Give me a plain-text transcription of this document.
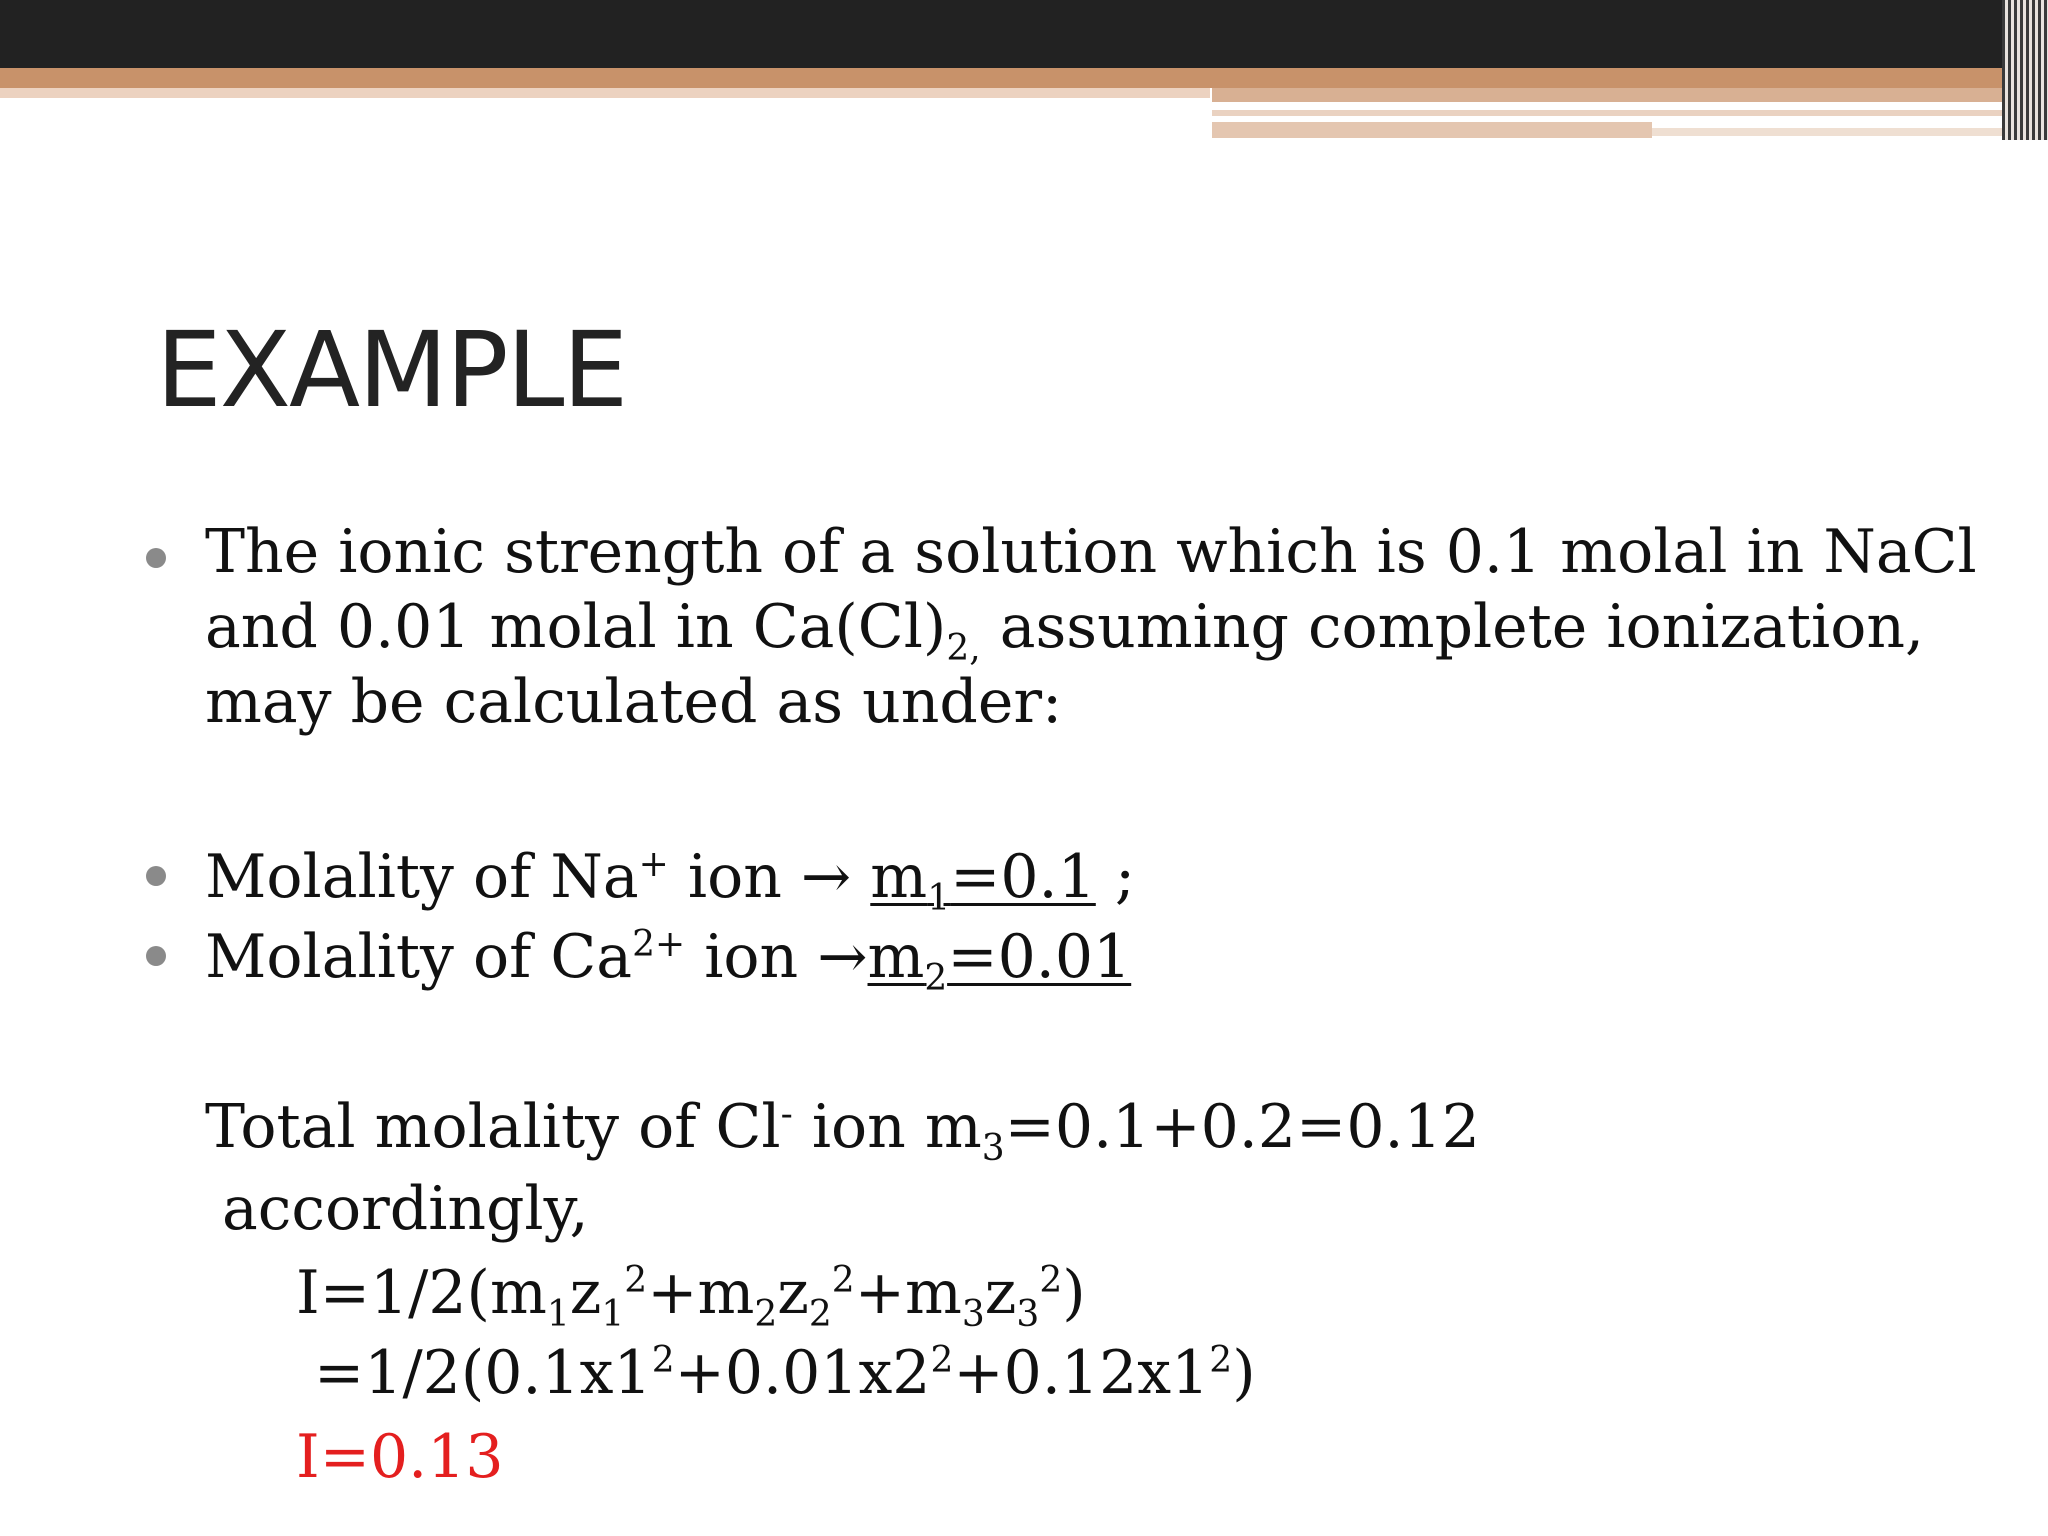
EXAMPLE
The ionic strength of a solution which is 0.1 molal in NaCl and 0.01 molal in $Ca(Cl)_{2,}$ assuming complete ionization, may be calculated as under:
Molality of Na+ ion → $m_1=0.1$ ;
Molality of $Ca^{2+}$ ion $\to m_2=0.01$
Total molality of Cl- ion $m_3=0.1+0.2=0.12$
accordingly,
$I=1/2(m_1z_1^2+m_2z_2^2+m_3z_3^2)$
$=1/2(0.1x1^2+0.01x2^2+0.12x1^2)$
I=0.13
